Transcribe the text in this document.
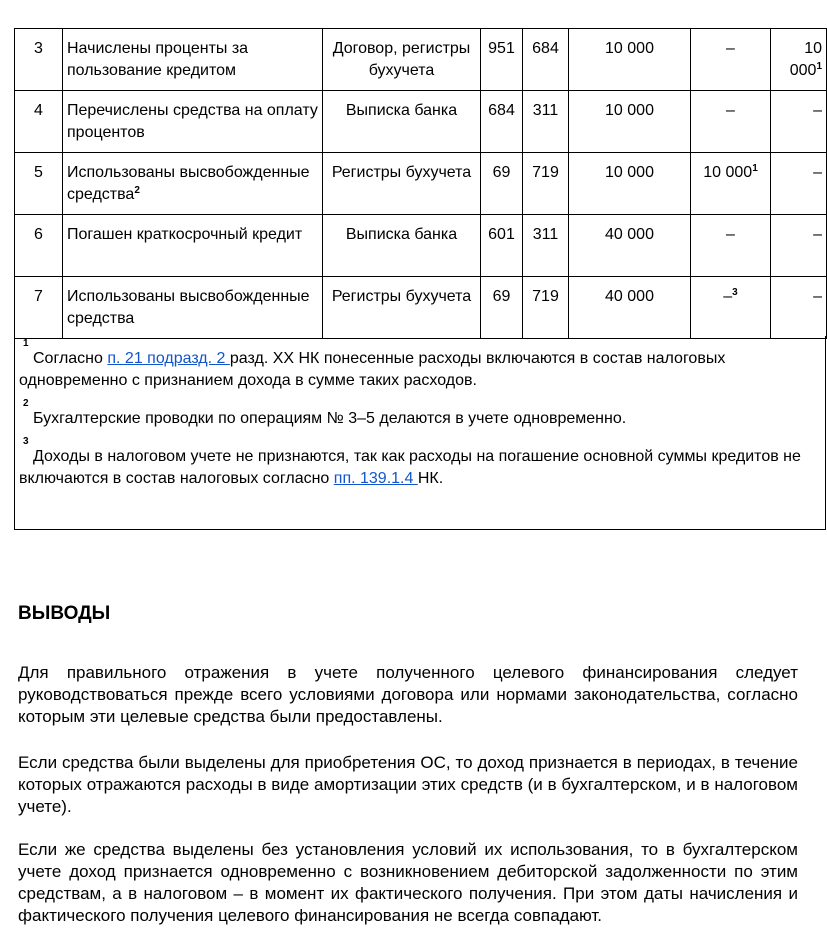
3	Начислены проценты за пользование кредитом	Договор, регистры бухучета	951	684	10 000	–	10 $000^1$
4	Перечислены средства на оплату процентов	Выписка банка	684	311	10 000	–	–
5	Использованы высвобожденные средства$^2$	Регистры бухучета	69	719	10 000	10 $000^1$	–
6	Погашен краткосрочный кредит	Выписка банка	601	311	40 000	–	–
7	Использованы высвобожденные средства	Регистры бухучета	69	719	40 000	–$^3$	–
1
Согласно п. 21 подразд. 2 разд. ХХ НК понесенные расходы включаются в состав налоговых одновременно с признанием дохода в сумме таких расходов.
2
Бухгалтерские проводки по операциям № 3–5 делаются в учете одновременно.
3
Доходы в налоговом учете не признаются, так как расходы на погашение основной суммы кредитов не включаются в состав налоговых согласно пп. 139.1.4 НК.
ВЫВОДЫ

Для правильного отражения в учете полученного целевого финансирования следует руководствоваться прежде всего условиями договора или нормами законодательства, согласно которым эти целевые средства были предоставлены.

Если средства были выделены для приобретения ОС, то доход признается в периодах, в течение которых отражаются расходы в виде амортизации этих средств (и в бухгалтерском, и в налоговом учете).

Если же средства выделены без установления условий их использования, то в бухгалтерском учете доход признается одновременно с возникновением дебиторской задолженности по этим средствам, а в налоговом – в момент их фактического получения. При этом даты начисления и фактического получения целевого финансирования не всегда совпадают.
